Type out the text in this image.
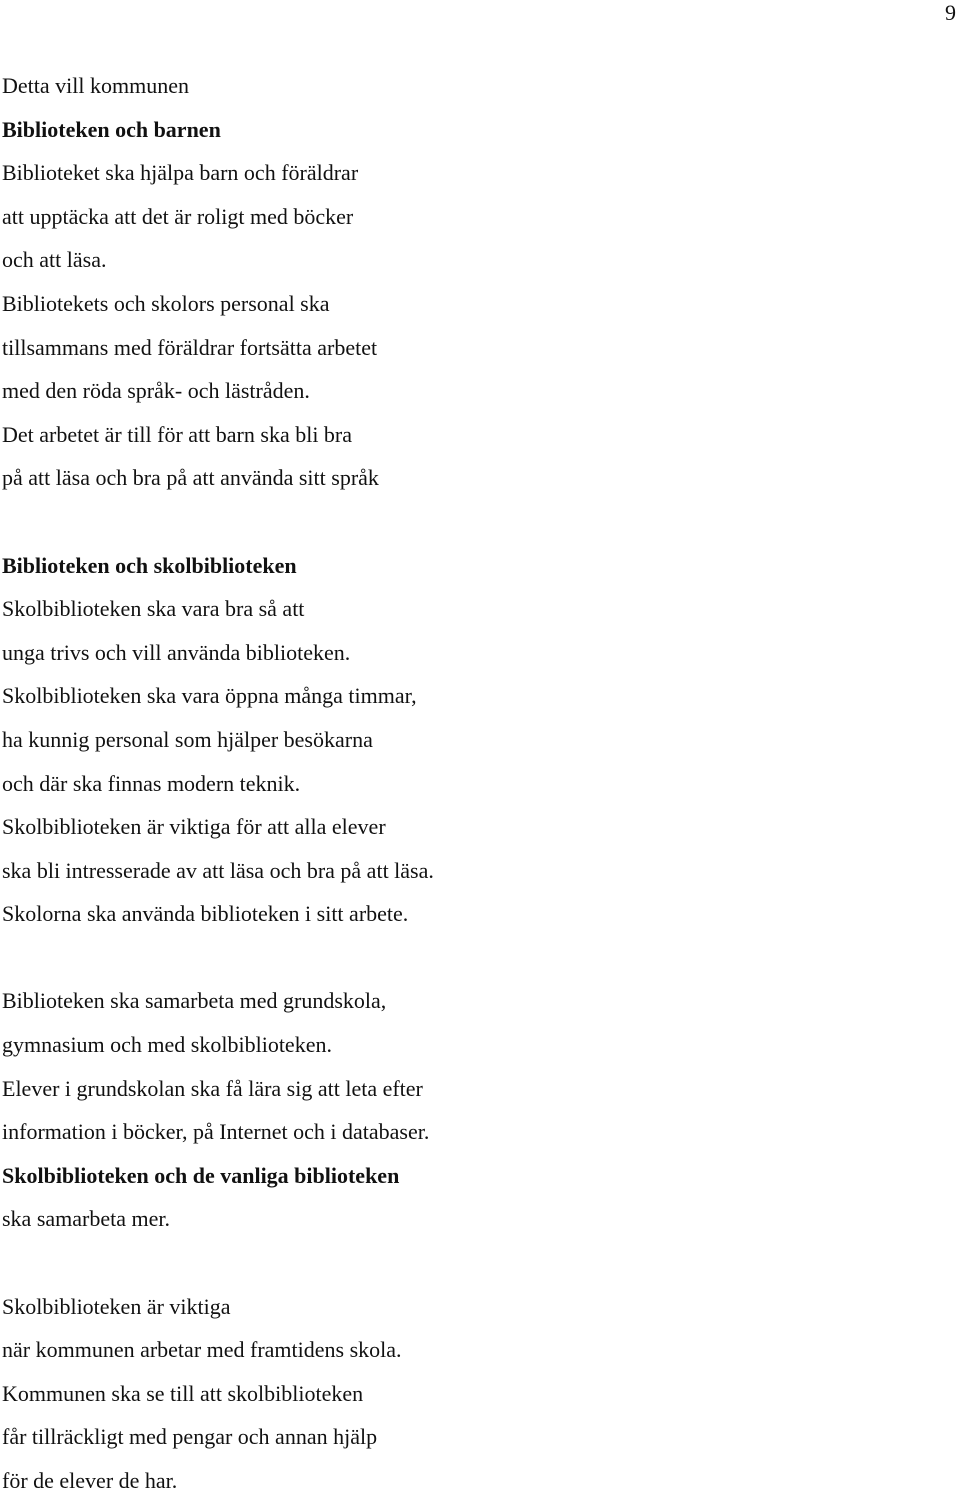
9
Detta vill kommunen
Biblioteken och barnen
Biblioteket ska hjälpa barn och föräldrar
att upptäcka att det är roligt med böcker
och att läsa.
Bibliotekets och skolors personal ska
tillsammans med föräldrar fortsätta arbetet
med den röda språk- och lästråden.
Det arbetet är till för att barn ska bli bra
på att läsa och bra på att använda sitt språk
Biblioteken och skolbiblioteken
Skolbiblioteken ska vara bra så att
unga trivs och vill använda biblioteken.
Skolbiblioteken ska vara öppna många timmar,
ha kunnig personal som hjälper besökarna
och där ska finnas modern teknik.
Skolbiblioteken är viktiga för att alla elever
ska bli intresserade av att läsa och bra på att läsa.
Skolorna ska använda biblioteken i sitt arbete.
Biblioteken ska samarbeta med grundskola,
gymnasium och med skolbiblioteken.
Elever i grundskolan ska få lära sig att leta efter
information i böcker, på Internet och i databaser.
Skolbiblioteken och de vanliga biblioteken
ska samarbeta mer.
Skolbiblioteken är viktiga
när kommunen arbetar med framtidens skola.
Kommunen ska se till att skolbiblioteken
får tillräckligt med pengar och annan hjälp
för de elever de har.
